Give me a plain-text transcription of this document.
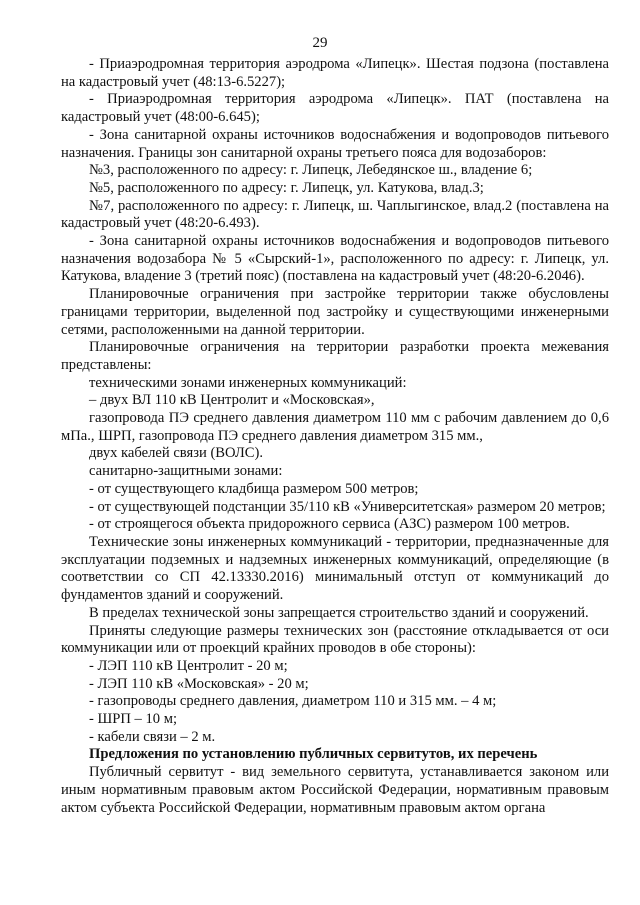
29

- Приаэродромная территория аэродрома «Липецк». Шестая подзона (поставлена на кадастровый учет (48:13-6.5227);

- Приаэродромная территория аэродрома «Липецк». ПАТ (поставлена на кадастровый учет (48:00-6.645);

- Зона санитарной охраны источников водоснабжения и водопроводов питьевого назначения. Границы зон санитарной охраны третьего пояса для водозаборов:

№3, расположенного по адресу: г. Липецк, Лебедянское ш., владение 6;

№5, расположенного по адресу: г. Липецк, ул. Катукова, влад.3;

№7, расположенного по адресу: г. Липецк, ш. Чаплыгинское, влад.2 (поставлена на кадастровый учет (48:20-6.493).

- Зона санитарной охраны источников водоснабжения и водопроводов питьевого назначения водозабора № 5 «Сырский-1», расположенного по адресу: г. Липецк, ул. Катукова, владение 3 (третий пояс) (поставлена на кадастровый учет (48:20-6.2046).

Планировочные ограничения при застройке территории также обусловлены границами территории, выделенной под застройку и существующими инженерными сетями, расположенными на данной территории.

Планировочные ограничения на территории разработки проекта межевания представлены:

техническими зонами инженерных коммуникаций:

– двух ВЛ 110 кВ Центролит и «Московская»,

газопровода ПЭ среднего давления диаметром 110 мм с рабочим давлением до 0,6 мПа., ШРП, газопровода ПЭ среднего давления диаметром 315 мм.,

двух кабелей связи (ВОЛС).

санитарно-защитными зонами:

- от существующего кладбища размером 500 метров;

- от существующей подстанции 35/110 кВ «Университетская» размером 20 метров;

- от строящегося объекта придорожного сервиса (АЗС) размером 100 метров.

Технические зоны инженерных коммуникаций - территории, предназначенные для эксплуатации подземных и надземных инженерных коммуникаций, определяющие (в соответствии со СП 42.13330.2016) минимальный отступ от коммуникаций до фундаментов зданий и сооружений.

В пределах технической зоны запрещается строительство зданий и сооружений.

Приняты следующие размеры технических зон (расстояние откладывается от оси коммуникации или от проекций крайних проводов в обе стороны):

- ЛЭП 110 кВ Центролит - 20 м;

- ЛЭП 110 кВ «Московская» - 20 м;

- газопроводы среднего давления, диаметром 110 и 315 мм. – 4 м;

- ШРП – 10 м;

- кабели связи – 2 м.

Предложения по установлению публичных сервитутов, их перечень

Публичный сервитут - вид земельного сервитута, устанавливается законом или иным нормативным правовым актом Российской Федерации, нормативным правовым актом субъекта Российской Федерации, нормативным правовым актом органа
